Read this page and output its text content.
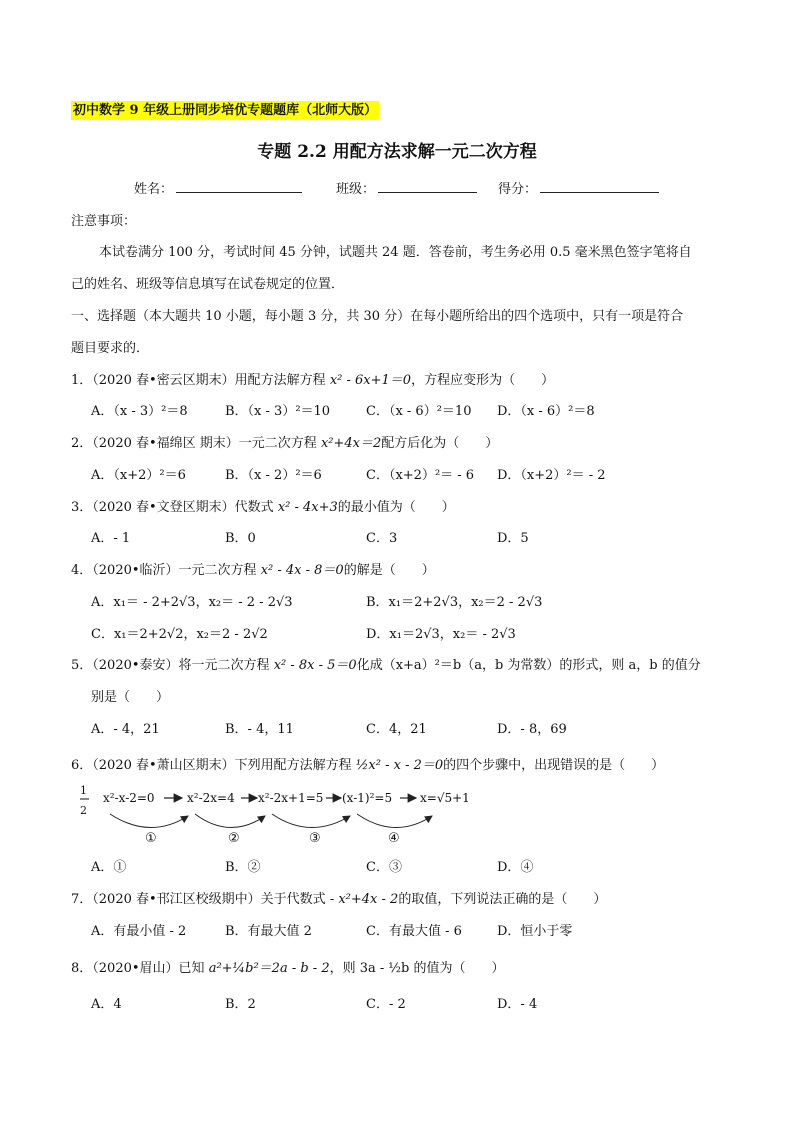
初中数学 9 年级上册同步培优专题题库（北师大版）
专题 2.2 用配方法求解一元二次方程
姓名：	班级：	得分：
注意事项：
本试卷满分 100 分，考试时间 45 分钟，试题共 24 题．答卷前，考生务必用 0.5 毫米黑色签字笔将自
己的姓名、班级等信息填写在试卷规定的位置．
一、选择题（本大题共 10 小题，每小题 3 分，共 30 分）在每小题所给出的四个选项中，只有一项是符合
题目要求的．
1．（2020 春•密云区期末）用配方法解方程 x² - 6x+1＝0，方程应变形为（　　）
A．（x - 3）²＝8	B．（x - 3）²＝10	C．（x - 6）²＝10 D．（x - 6）²＝8
2．（2020 春•福绵区 期末）一元二次方程 x²+4x＝2配方后化为（　　）
A．（x+2）²＝6	B．（x - 2）²＝6	C．（x+2）²＝ - 6 D．（x+2）²＝ - 2
3．（2020 春•文登区期末）代数式 x² - 4x+3的最小值为（　　）
A．- 1	B．0	C．3	D．5
4．（2020•临沂）一元二次方程 x² - 4x - 8＝0的解是（　　）
A．x₁＝ - 2+2√3，x₂＝ - 2 - 2√3	B．x₁＝2+2√3，x₂＝2 - 2√3
C．x₁＝2+2√2，x₂＝2 - 2√2	D．x₁＝2√3，x₂＝ - 2√3
5．（2020•泰安）将一元二次方程 x² - 8x - 5＝0化成（x+a）²＝b（a，b 为常数）的形式，则 a，b 的值分
别是（　　）
A．- 4，21	B．- 4，11	C．4，21	D．- 8，69
6．（2020 春•萧山区期末）下列用配方法解方程 ½x² - x - 2＝0的四个步骤中，出现错误的是（　　）
1
2
x²-x-2=0	x²-2x=4 x²-2x+1=5 (x-1)²=5 x=√5+1
①	②	③	④
A．①	B．②	C．③	D．④
7．（2020 春•邗江区校级期中）关于代数式 - x²+4x - 2的取值，下列说法正确的是（　　）
A．有最小值 - 2	B．有最大值 2	C．有最大值 - 6	D．恒小于零
8．（2020•眉山）已知 a²+¼b²＝2a - b - 2，则 3a - ½b 的值为（　　）
A．4	B．2	C．- 2	D．- 4
